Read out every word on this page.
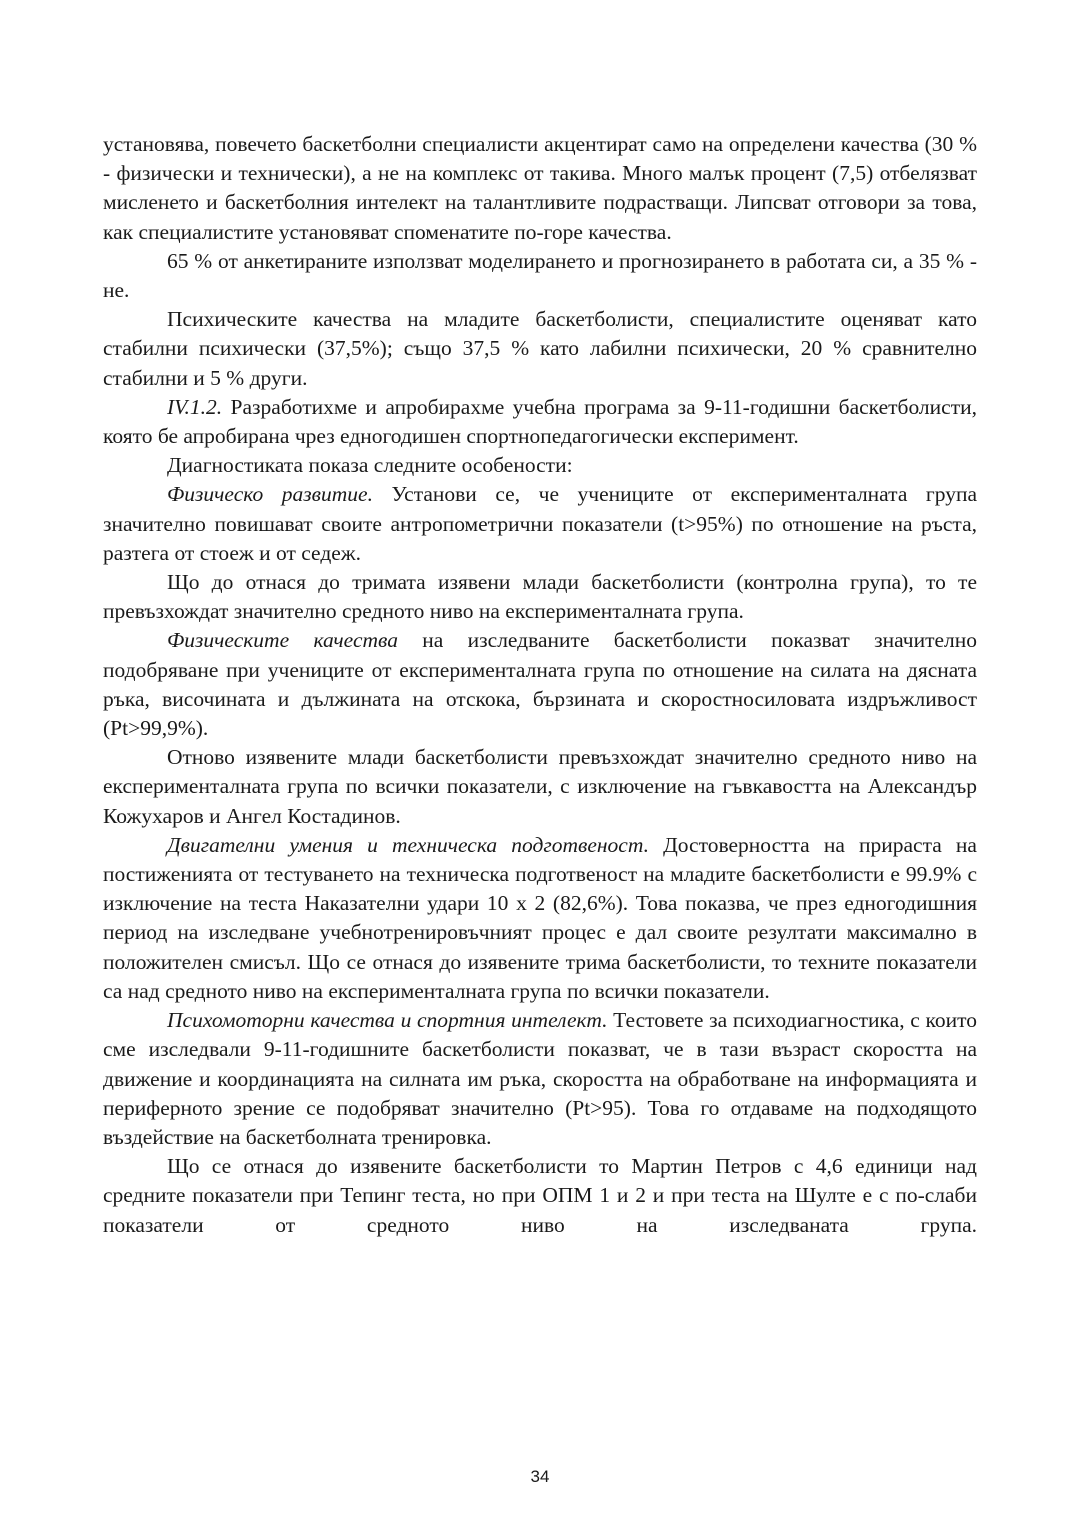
установява, повечето баскетболни специалисти акцентират само на определени качества (30 % - физически и технически), а не на комплекс от такива. Много малък процент (7,5) отбелязват мисленето и баскетболния интелект на талантливите подрастващи. Липсват отговори за това, как специалистите установяват споменатите по-горе качества.

65 % от анкетираните използват моделирането и прогнозирането в работата си, а 35 % - не.

Психическите качества на младите баскетболисти, специалистите оценяват като стабилни психически (37,5%); също 37,5 % като лабилни психически, 20 % сравнително стабилни и 5 % други.

IV.1.2. Разработихме и апробирахме учебна програма за 9-11-годишни баскетболисти, която бе апробирана чрез едногодишен спортнопедагогически експеримент.

Диагностиката показа следните особености:

Физическо развитие. Установи се, че учениците от експерименталната група значително повишават своите антропометрични показатели (t>95%) по отношение на ръста, разтега от стоеж и от седеж.

Що до отнася до тримата изявени млади баскетболисти (контролна група), то те превъзхождат значително средното ниво на експерименталната група.

Физическите качества на изследваните баскетболисти показват значително подобряване при учениците от експерименталната група по отношение на силата на дясната ръка, височината и дължината на отскока, бързината и скоростносиловата издръжливост (Pt>99,9%).

Отново изявените млади баскетболисти превъзхождат значително средното ниво на експерименталната група по всички показатели, с изключение на гъвкавостта на Александър Кожухаров и Ангел Костадинов.

Двигателни умения и техническа подготвеност. Достоверността на прираста на постиженията от тестуването на техническа подготвеност на младите баскетболисти е 99.9% с изключение на теста Наказателни удари 10 х 2 (82,6%). Това показва, че през едногодишния период на изследване учебнотренировъчният процес е дал своите резултати максимално в положителен смисъл. Що се отнася до изявените трима баскетболисти, то техните показатели са над средното ниво на експерименталната група по всички показатели.

Психомоторни качества и спортния интелект. Тестовете за психодиагностика, с които сме изследвали 9-11-годишните баскетболисти показват, че в тази възраст скоростта на движение и координацията на силната им ръка, скоростта на обработване на информацията и периферното зрение се подобряват значително (Pt>95). Това го отдаваме на подходящото въздействие на баскетболната тренировка.

Що се отнася до изявените баскетболисти то Мартин Петров с 4,6 единици над средните показатели при Тепинг теста, но при ОПМ 1 и 2 и при теста на Шулте е с по-слаби показатели от средното ниво на изследваната група.

34
